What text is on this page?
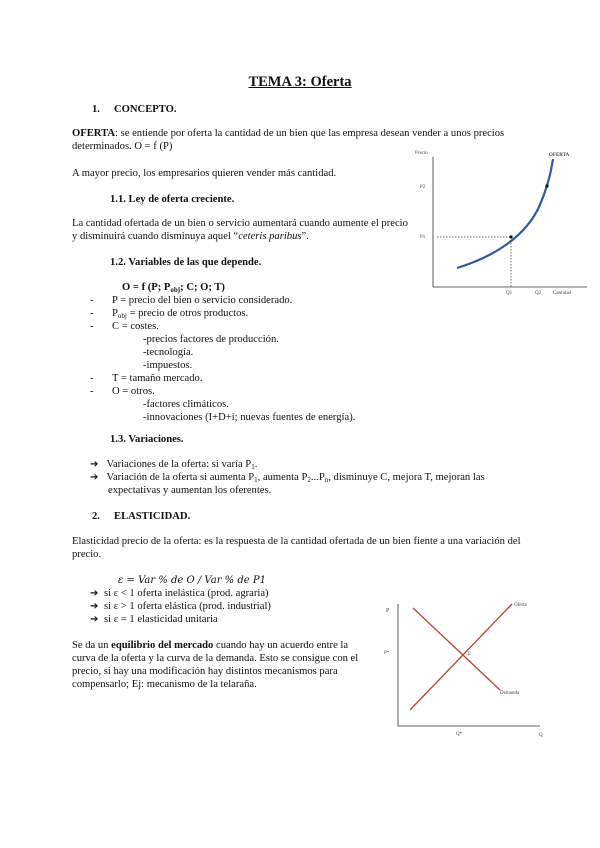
TEMA 3: Oferta
1. CONCEPTO.
OFERTA: se entiende por oferta la cantidad de un bien que las empresa desean vender a unos precios determinados. O = f (P)
A mayor precio, los empresarios quieren vender más cantidad.
1.1. Ley de oferta creciente.
La cantidad ofertada de un bien o servicio aumentará cuando aumente el precio y disminuirá cuando disminuya aquel “ceteris paribus”.
1.2. Variables de las que depende.
O = f (P; $P_{obj}$; C; O; T)
- P = precio del bien o servicio considerado.
- $P_{obj}$ = precio de otros productos.
- C = costes.
-precios factores de producción.
-tecnología.
-impuestos.
- T = tamaño mercado.
- O = otros.
-factores climáticos.
-innovaciones (I+D+i; nuevas fuentes de energía).
1.3. Variaciones.
➔ Variaciones de la oferta: si varía $P_1$.
➔ Variación de la oferta si aumenta $P_1$, aumenta $P_2...P_n$, disminuye C, mejora T, mejoran las
expectativas y aumentan los oferentes.
2. ELASTICIDAD.
Elasticidad precio de la oferta: es la respuesta de la cantidad ofertada de un bien fiente a una variación del precio.
ε = Var % de O / Var % de P1
➔ si ε < 1 oferta inelástica (prod. agraria)
➔ si ε > 1 oferta elástica (prod. industrial)
➔ si ε = 1 elasticidad unitaria
Se da un equilibrio del mercado cuando hay un acuerdo entre la curva de la oferta y la curva de la demanda. Esto se consigue con el precio, si hay una modificación hay distintos mecanismos para compensarlo; Ej: mecanismo de la telaraña.
Precio	OFERTA
P1
P2
Q1	Q2 Cantidad
P
Oferta
Demanda
E
P*
Q*	Q
